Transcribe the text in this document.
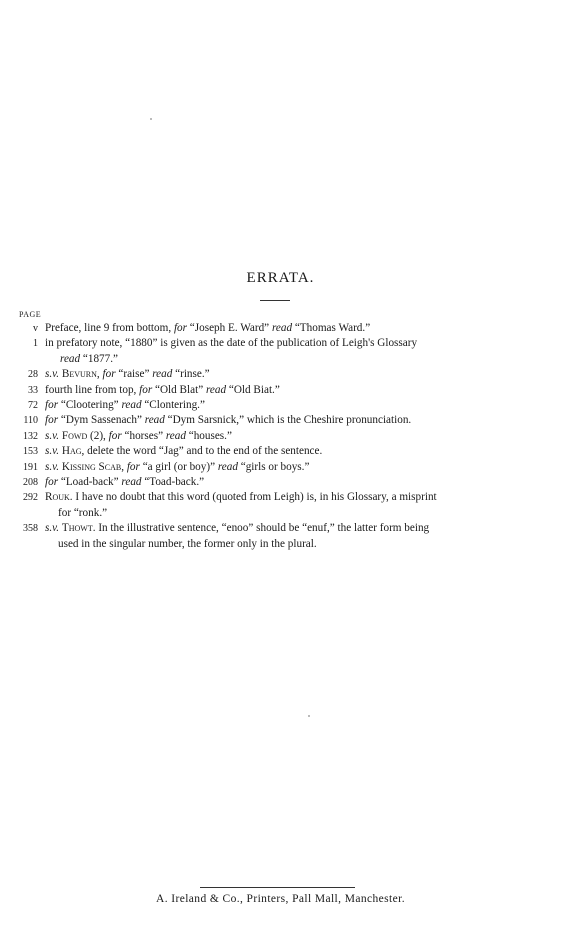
ERRATA.
PAGE
v Preface, line 9 from bottom, for “Joseph E. Ward” read “Thomas Ward.”
1 in prefatory note, “1880” is given as the date of the publication of Leigh's Glossary
read “1877.”
28 s.v. Bevurn, for “raise” read “rinse.”
33 fourth line from top, for “Old Blat” read “Old Biat.”
72 for “Clootering” read “Clontering.”
110 for “Dym Sassenach” read “Dym Sarsnick,” which is the Cheshire pronunciation.
132 s.v. Fowd (2), for “horses” read “houses.”
153 s.v. Hag, delete the word “Jag” and to the end of the sentence.
191 s.v. Kissing Scab, for “a girl (or boy)” read “girls or boys.”
208 for “Load-back” read “Toad-back.”
292 Rouk. I have no doubt that this word (quoted from Leigh) is, in his Glossary, a misprint
for “ronk.”
358 s.v. Thowt. In the illustrative sentence, “enoo” should be “enuf,” the latter form being
used in the singular number, the former only in the plural.
A. Ireland & Co., Printers, Pall Mall, Manchester.
